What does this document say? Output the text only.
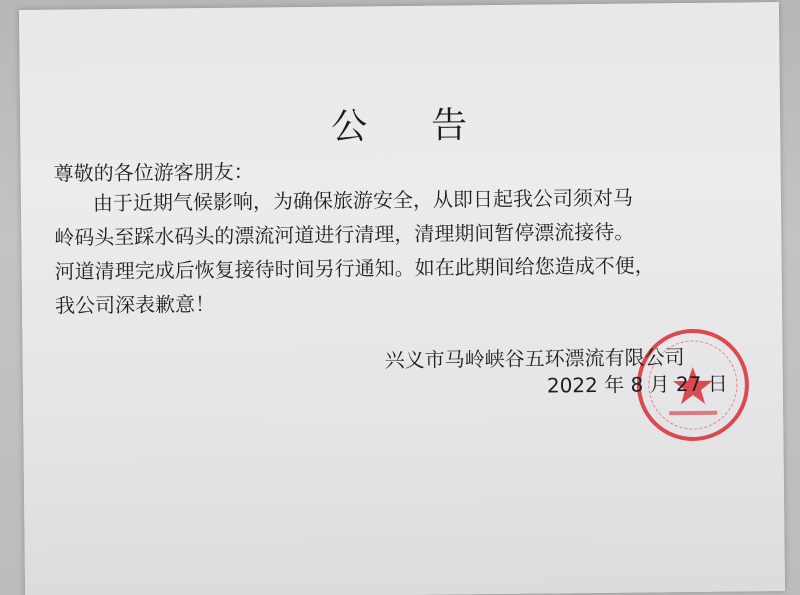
公 告
尊敬的各位游客朋友：
由于近期气候影响，为确保旅游安全，从即日起我公司须对马
岭码头至踩水码头的漂流河道进行清理，清理期间暂停漂流接待。
河道清理完成后恢复接待时间另行通知。如在此期间给您造成不便，
我公司深表歉意！
兴义市马岭峡谷五环漂流有限公司
2022 年 8 月 27 日
